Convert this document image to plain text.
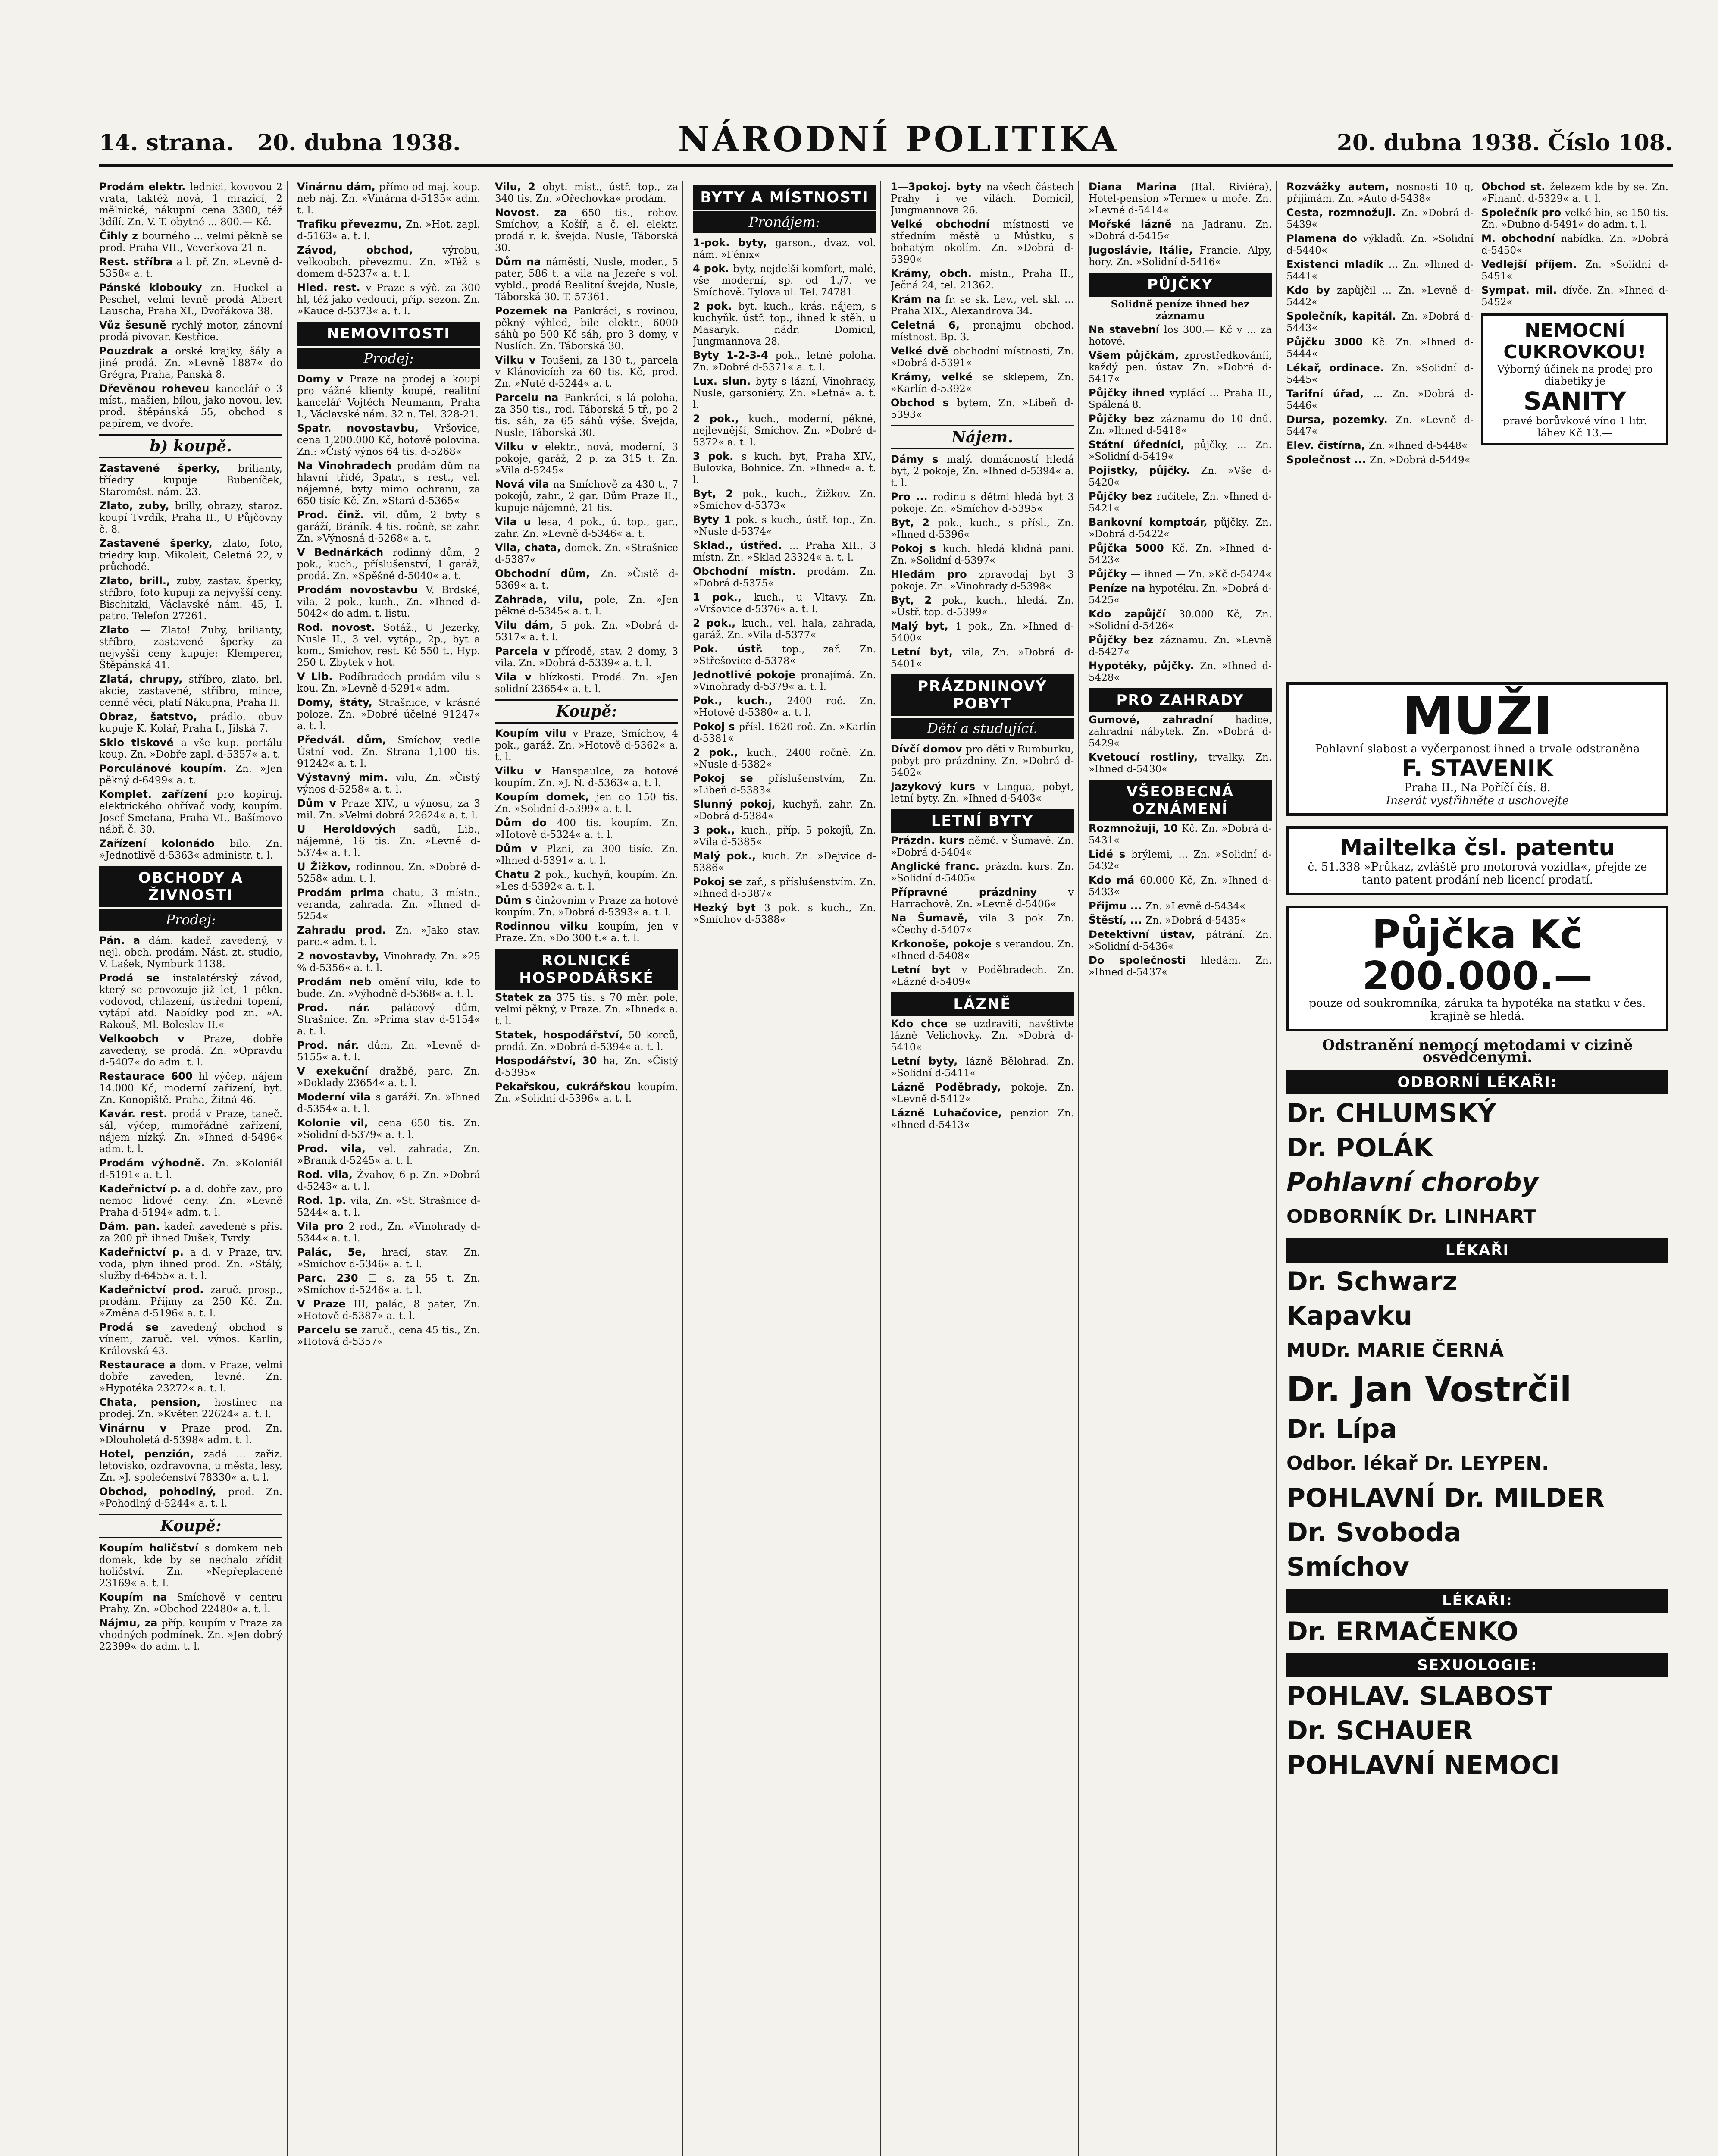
14. strana. 20. dubna 1938.	NÁRODNÍ POLITIKA	20. dubna 1938. Číslo 108.
Prodám elektr. lednici, kovovou 2 vrata, taktéž nová, 1 mrazicí, 2 mělnické, nákupní cena 3300, též 3dílí. Zn. V. T. obytné ... 800.— Kč.
Čihly z bourného ... velmi pěkně se prod. Praha VII., Veverkova 21 n.
Rest. stříbra a l. př. Zn. »Levně d-5358« a. t.
Pánské klobouky zn. Huckel a Peschel, velmi levně prodá Albert Lauscha, Praha XI., Dvořákova 38.
Vůz šesuně rychlý motor, zánovní prodá pivovar. Kestřice.
Pouzdrak a orské krajky, šály a jiné prodá. Zn. »Levně 1887« do Grégra, Praha, Panská 8.
Dřevěnou roheveu kancelář o 3 míst., mašien, bílou, jako novou, lev. prod. štěpánská 55, obchod s papírem, ve dvoře.
b) koupě.
Zastavené šperky, brilianty, tříedry kupuje Bubeníček, Staroměst. nám. 23.
Zlato, zuby, brilly, obrazy, staroz. koupí Tvrdík, Praha II., U Půjčovny č. 8.
Zastavené šperky, zlato, foto, triedry kup. Mikoleit, Celetná 22, v průchodě.
Zlato, brill., zuby, zastav. šperky, stříbro, foto kupuji za nejvyšší ceny. Bischitzki, Václavské nám. 45, I. patro. Telefon 27261.
Zlato — Zlato! Zuby, brilianty, stříbro, zastavené šperky za nejvyšší ceny kupuje: Klemperer, Štěpánská 41.
Zlatá, chrupy, stříbro, zlato, brl. akcie, zastavené, stříbro, mince, cenné věci, platí Nákupna, Praha II.
Obraz, šatstvo, prádlo, obuv kupuje K. Kolář, Praha I., Jilská 7.
Sklo tiskové a vše kup. portálu koup. Zn. »Dobře zapl. d-5357« a. t.
Porculánové koupím. Zn. »Jen pěkný d-6499« a. t.
Komplet. zařízení pro kopíruj. elektrického ohřívač vody, koupím. Josef Smetana, Praha VI., Bašímovo nábř. č. 30.
Zařízení kolonádo bilo. Zn. »Jednotlivě d-5363« administr. t. l.
OBCHODY A ŽIVNOSTI
Prodej:
Pán. a dám. kadeř. zavedený, v nejl. obch. prodám. Nást. zt. studio, V. Lašek, Nymburk 1138.
Prodá se instalatérský závod, který se provozuje již let, 1 pěkn. vodovod, chlazení, ústřední topení, vytápí atd. Nabídky pod zn. »A. Rakouš, Ml. Boleslav II.«
Velkoobch v Praze, dobře zavedený, se prodá. Zn. »Opravdu d-5407« do adm. t. l.
Restaurace 600 hl výčep, nájem 14.000 Kč, moderní zařízení, byt. Zn. Konopiště. Praha, Žitná 46.
Kavár. rest. prodá v Praze, taneč. sál, výčep, mimořádné zařízení, nájem nízký. Zn. »Ihned d-5496« adm. t. l.
Prodám výhodně. Zn. »Koloniál d-5191« a. t. l.
Kadeřnictví p. a d. dobře zav., pro nemoc lidové ceny. Zn. »Levně Praha d-5194« adm. t. l.
Dám. pan. kadeř. zavedené s přís. za 200 př. ihned Dušek, Tvrdy.
Kadeřnictví p. a d. v Praze, trv. voda, plyn ihned prod. Zn. »Stálý, služby d-6455« a. t. l.
Kadeřnictví prod. zaruč. prosp., prodám. Příjmy za 250 Kč. Zn. »Změna d-5196« a. t. l.
Prodá se zavedený obchod s vínem, zaruč. vel. výnos. Karlin, Královská 43.
Restaurace a dom. v Praze, velmi dobře zaveden, levně. Zn. »Hypotéka 23272« a. t. l.
Chata, pension, hostinec na prodej. Zn. »Květen 22624« a. t. l.
Vinárnu v Praze prod. Zn. »Dlouholetá d-5398« adm. t. l.
Hotel, penzión, zadá ... zařiz. letovisko, ozdravovna, u města, lesy, Zn. »J. společenství 78330« a. t. l.
Obchod, pohodlný, prod. Zn. »Pohodlný d-5244« a. t. l.
Koupě:
Koupím holičství s domkem neb domek, kde by se nechalo zřídit holičství. Zn. »Nepřeplacené 23169« a. t. l.
Koupím na Smíchově v centru Prahy. Zn. »Obchod 22480« a. t. l.
Nájmu, za příp. koupím v Praze za vhodných podmínek. Zn. »Jen dobrý 22399« do adm. t. l.
Vinárnu dám, přímo od maj. koup. neb náj. Zn. »Vinárna d-5135« adm. t. l.
Trafiku převezmu, Zn. »Hot. zapl. d-5163« a. t. l.
Závod, obchod, výrobu, velkoobch. převezmu. Zn. »Též s domem d-5237« a. t. l.
Hled. rest. v Praze s výč. za 300 hl, též jako vedoucí, příp. sezon. Zn. »Kauce d-5373« a. t. l.
NEMOVITOSTI
Prodej:
Domy v Praze na prodej a koupi pro vážné klienty koupě, realitní kancelář Vojtěch Neumann, Praha I., Václavské nám. 32 n. Tel. 328-21.
Spatr. novostavbu, Vršovice, cena 1,200.000 Kč, hotově polovina. Zn.: »Čistý výnos 64 tis. d-5268«
Na Vinohradech prodám dům na hlavní třídě, 3patr., s rest., vel. nájemné, byty mimo ochranu, za 650 tisíc Kč. Zn. »Stará d-5365«
Prod. činž. vil. dům, 2 byty s garáží, Bráník. 4 tis. ročně, se zahr. Zn. »Výnosná d-5268« a. t.
V Bednárkách rodinný dům, 2 pok., kuch., příslušenství, 1 garáž, prodá. Zn. »Spěšně d-5040« a. t.
Prodám novostavbu V. Brdské, vila, 2 pok., kuch., Zn. »Ihned d-5042« do adm. t. listu.
Rod. novost. Sotáž., U Jezerky, Nusle II., 3 vel. vytáp., 2p., byt a kom., Smíchov, rest. Kč 550 t., Hyp. 250 t. Zbytek v hot.
V Lib. Podíbradech prodám vilu s kou. Zn. »Levně d-5291« adm.
Domy, štáty, Strašnice, v krásné poloze. Zn. »Dobré účelné 91247« a. t. l.
Předvál. dům, Smíchov, vedle Ústní vod. Zn. Strana 1,100 tis. 91242« a. t. l.
Výstavný mim. vilu, Zn. »Čistý výnos d-5258« a. t. l.
Dům v Praze XIV., u výnosu, za 3 mil. Zn. »Velmi dobrá 22624« a. t. l.
U Heroldových sadů, Lib., nájemné, 16 tis. Zn. »Levně d-5374« a. t. l.
U Žižkov, rodinnou. Zn. »Dobré d-5258« adm. t. l.
Prodám prima chatu, 3 místn., veranda, zahrada. Zn. »Ihned d-5254«
Zahradu prod. Zn. »Jako stav. parc.« adm. t. l.
2 novostavby, Vinohrady. Zn. »25 % d-5356« a. t. l.
Prodám neb omění vilu, kde to bude. Zn. »Výhodně d-5368« a. t. l.
Prod. nár. palácový dům, Strašnice. Zn. »Prima stav d-5154« a. t. l.
Prod. nár. dům, Zn. »Levně d-5155« a. t. l.
V exekuční dražbě, parc. Zn. »Doklady 23654« a. t. l.
Moderní vila s garáží. Zn. »Ihned d-5354« a. t. l.
Kolonie vil, cena 650 tis. Zn. »Solidní d-5379« a. t. l.
Prod. vila, vel. zahrada, Zn. »Branik d-5245« a. t. l.
Rod. vila, Žvahov, 6 p. Zn. »Dobrá d-5243« a. t. l.
Rod. 1p. vila, Zn. »St. Strašnice d-5244« a. t. l.
Vila pro 2 rod., Zn. »Vinohrady d-5344« a. t. l.
Palác, 5e, hrací, stav. Zn. »Smíchov d-5346« a. t. l.
Parc. 230 ☐ s. za 55 t. Zn. »Smíchov d-5246« a. t. l.
V Praze III, palác, 8 pater, Zn. »Hotově d-5387« a. t. l.
Parcelu se zaruč., cena 45 tis., Zn. »Hotová d-5357«
Vilu, 2 obyt. míst., ústř. top., za 340 tis. Zn. »Ořechovka« prodám.
Novost. za 650 tis., rohov. Smíchov, a Košíř, a č. el. elektr. prodá r. k. švejda. Nusle, Táborská 30.
Dům na náměstí, Nusle, moder., 5 pater, 586 t. a vila na Jezeře s vol. vybld., prodá Realitní švejda, Nusle, Táborská 30. T. 57361.
Pozemek na Pankráci, s rovinou, pěkný výhled, bile elektr., 6000 sáhů po 500 Kč sáh, pro 3 domy, v Nuslích. Zn. Táborská 30.
Vilku v Toušeni, za 130 t., parcela v Klánovicích za 60 tis. Kč, prod. Zn. »Nuté d-5244« a. t.
Parcelu na Pankráci, s lá poloha, za 350 tis., rod. Táborská 5 tř., po 2 tis. sáh, za 65 sáhů výše. Švejda, Nusle, Táborská 30.
Vilku v elektr., nová, moderní, 3 pokoje, garáž, 2 p. za 315 t. Zn. »Vila d-5245«
Nová vila na Smíchově za 430 t., 7 pokojů, zahr., 2 gar. Dům Praze II., kupuje nájemné, 21 tis.
Vila u lesa, 4 pok., ú. top., gar., zahr. Zn. »Levně d-5346« a. t.
Vila, chata, domek. Zn. »Strašnice d-5387«
Obchodní dům, Zn. »Čistě d-5369« a. t.
Zahrada, vilu, pole, Zn. »Jen pěkné d-5345« a. t. l.
Vilu dám, 5 pok. Zn. »Dobrá d-5317« a. t. l.
Parcela v přírodě, stav. 2 domy, 3 vila. Zn. »Dobrá d-5339« a. t. l.
Vila v blízkosti. Prodá. Zn. »Jen solidní 23654« a. t. l.
Koupě:
Koupím vilu v Praze, Smíchov, 4 pok., garáž. Zn. »Hotově d-5362« a. t. l.
Vilku v Hanspaulce, za hotové koupím. Zn. »J. N. d-5363« a. t. l.
Koupím domek, jen do 150 tis. Zn. »Solidní d-5399« a. t. l.
Dům do 400 tis. koupím. Zn. »Hotově d-5324« a. t. l.
Dům v Plzni, za 300 tisíc. Zn. »Ihned d-5391« a. t. l.
Chatu 2 pok., kuchyň, koupím. Zn. »Les d-5392« a. t. l.
Dům s činžovním v Praze za hotové koupím. Zn. »Dobrá d-5393« a. t. l.
Rodinnou vilku koupím, jen v Praze. Zn. »Do 300 t.« a. t. l.
ROLNICKÉ HOSPODÁŘSKÉ
Statek za 375 tis. s 70 měr. pole, velmi pěkný, v Praze. Zn. »Ihned« a. t. l.
Statek, hospodářství, 50 korců, prodá. Zn. »Dobrá d-5394« a. t. l.
Hospodářství, 30 ha, Zn. »Čistý d-5395«
Pekařskou, cukrářskou koupím. Zn. »Solidní d-5396« a. t. l.
BYTY A MÍSTNOSTI
Pronájem:
1-pok. byty, garson., dvaz. vol. nám. »Fénix«
4 pok. byty, nejdelší komfort, malé, vše moderní, sp. od 1./7. ve Smíchově. Tylova ul. Tel. 74781.
2 pok. byt. kuch., krás. nájem, s kuchyňk. ústř. top., ihned k stěh. u Masaryk. nádr. Domicil, Jungmannova 28.
Byty 1-2-3-4 pok., letné poloha. Zn. »Dobré d-5371« a. t. l.
Lux. slun. byty s lázní, Vinohrady, Nusle, garsoniéry. Zn. »Letná« a. t. l.
2 pok., kuch., moderní, pěkné, nejlevnější, Smíchov. Zn. »Dobré d-5372« a. t. l.
3 pok. s kuch. byt, Praha XIV., Bulovka, Bohnice. Zn. »Ihned« a. t. l.
Byt, 2 pok., kuch., Žižkov. Zn. »Smíchov d-5373«
Byty 1 pok. s kuch., ústř. top., Zn. »Nusle d-5374«
Sklad., ústřed. ... Praha XII., 3 místn. Zn. »Sklad 23324« a. t. l.
Obchodní místn. prodám. Zn. »Dobrá d-5375«
1 pok., kuch., u Vltavy. Zn. »Vršovice d-5376« a. t. l.
2 pok., kuch., vel. hala, zahrada, garáž. Zn. »Vila d-5377«
Pok. ústř. top., zař. Zn. »Střešovice d-5378«
Jednotlivé pokoje pronajímá. Zn. »Vinohrady d-5379« a. t. l.
Pok., kuch., 2400 roč. Zn. »Hotově d-5380« a. t. l.
Pokoj s přísl. 1620 roč. Zn. »Karlín d-5381«
2 pok., kuch., 2400 ročně. Zn. »Nusle d-5382«
Pokoj se příslušenstvím, Zn. »Libeň d-5383«
Slunný pokoj, kuchyň, zahr. Zn. »Dobrá d-5384«
3 pok., kuch., příp. 5 pokojů, Zn. »Vila d-5385«
Malý pok., kuch. Zn. »Dejvice d-5386«
Pokoj se zař., s příslušenstvím. Zn. »Ihned d-5387«
Hezký byt 3 pok. s kuch., Zn. »Smíchov d-5388«
1—3pokoj. byty na všech částech Prahy i ve vilách. Domicil, Jungmannova 26.
Velké obchodní místnosti ve středním městě u Můstku, s bohatým okolím. Zn. »Dobrá d-5390«
Krámy, obch. místn., Praha II., Ječná 24, tel. 21362.
Krám na fr. se sk. Lev., vel. skl. ... Praha XIX., Alexandrova 34.
Celetná 6, pronajmu obchod. místnost. Bp. 3.
Velké dvě obchodní místnosti, Zn. »Dobrá d-5391«
Krámy, velké se sklepem, Zn. »Karlín d-5392«
Obchod s bytem, Zn. »Libeň d-5393«
Nájem.
Dámy s malý. domácností hledá byt, 2 pokoje, Zn. »Ihned d-5394« a. t. l.
Pro ... rodinu s dětmi hledá byt 3 pokoje. Zn. »Smíchov d-5395«
Byt, 2 pok., kuch., s přísl., Zn. »Ihned d-5396«
Pokoj s kuch. hledá klidná paní. Zn. »Solidní d-5397«
Hledám pro zpravodaj byt 3 pokoje. Zn. »Vinohrady d-5398«
Byt, 2 pok., kuch., hledá. Zn. »Ústř. top. d-5399«
Malý byt, 1 pok., Zn. »Ihned d-5400«
Letní byt, vila, Zn. »Dobrá d-5401«
PRÁZDNINOVÝ POBYT
Dětí a studující.
Dívčí domov pro děti v Rumburku, pobyt pro prázdniny. Zn. »Dobrá d-5402«
Jazykový kurs v Lingua, pobyt, letní byty. Zn. »Ihned d-5403«
LETNÍ BYTY
Prázdn. kurs němč. v Šumavě. Zn. »Dobrá d-5404«
Anglické franc. prázdn. kurs. Zn. »Solidní d-5405«
Přípravné prázdniny v Harrachově. Zn. »Levně d-5406«
Na Šumavě, vila 3 pok. Zn. »Čechy d-5407«
Krkonoše, pokoje s verandou. Zn. »Ihned d-5408«
Letní byt v Poděbradech. Zn. »Lázně d-5409«
LÁZNĚ
Kdo chce se uzdraviti, navštivte lázně Velichovky. Zn. »Dobrá d-5410«
Letní byty, lázně Bělohrad. Zn. »Solidní d-5411«
Lázně Poděbrady, pokoje. Zn. »Levně d-5412«
Lázně Luhačovice, penzion Zn. »Ihned d-5413«
Diana Marina (Ital. Riviéra), Hotel-pension »Terme« u moře. Zn. »Levné d-5414«
Mořské lázně na Jadranu. Zn. »Dobrá d-5415«
Jugoslávie, Itálie, Francie, Alpy, hory. Zn. »Solidní d-5416«
PŮJČKY
Solidně peníze ihned bez záznamu
Na stavební los 300.— Kč v ... za hotové.
Všem půjčkám, zprostředkováníí, každý pen. ústav. Zn. »Dobrá d-5417«
Půjčky ihned vyplácí ... Praha II., Spálená 8.
Půjčky bez záznamu do 10 dnů. Zn. »Ihned d-5418«
Státní úředníci, půjčky, ... Zn. »Solidní d-5419«
Pojistky, půjčky. Zn. »Vše d-5420«
Půjčky bez ručitele, Zn. »Ihned d-5421«
Bankovní komptoár, půjčky. Zn. »Dobrá d-5422«
Půjčka 5000 Kč. Zn. »Ihned d-5423«
Půjčky — ihned — Zn. »Kč d-5424«
Peníze na hypotéku. Zn. »Dobrá d-5425«
Kdo zapůjčí 30.000 Kč, Zn. »Solidní d-5426«
Půjčky bez záznamu. Zn. »Levně d-5427«
Hypotéky, půjčky. Zn. »Ihned d-5428«
PRO ZAHRADY
Gumové, zahradní hadice, zahradní nábytek. Zn. »Dobrá d-5429«
Kvetoucí rostliny, trvalky. Zn. »Ihned d-5430«
VŠEOBECNÁ OZNÁMENÍ
Rozmnožuji, 10 Kč. Zn. »Dobrá d-5431«
Lidé s brýlemi, ... Zn. »Solidní d-5432«
Kdo má 60.000 Kč, Zn. »Ihned d-5433«
Přijmu ... Zn. »Levně d-5434«
Štěstí, ... Zn. »Dobrá d-5435«
Detektivní ústav, pátrání. Zn. »Solidní d-5436«
Do společnosti hledám. Zn. »Ihned d-5437«
Rozvážky autem, nosnosti 10 q, přijímám. Zn. »Auto d-5438«
Cesta, rozmnožuji. Zn. »Dobrá d-5439«
Plamena do výkladů. Zn. »Solidní d-5440«
Existenci mladík ... Zn. »Ihned d-5441«
Kdo by zapůjčil ... Zn. »Levně d-5442«
Společník, kapitál. Zn. »Dobrá d-5443«
Půjčku 3000 Kč. Zn. »Ihned d-5444«
Lékař, ordinace. Zn. »Solidní d-5445«
Tarifní úřad, ... Zn. »Dobrá d-5446«
Dursa, pozemky. Zn. »Levně d-5447«
Elev. čistírna, Zn. »Ihned d-5448«
Společnost ... Zn. »Dobrá d-5449«
Obchod st. železem kde by se. Zn. »Finanč. d-5329« a. t. l.
Společník pro velké bio, se 150 tis. Zn. »Dubno d-5491« do adm. t. l.
M. obchodní nabídka. Zn. »Dobrá d-5450«
Vedlejší příjem. Zn. »Solidní d-5451«
Sympat. mil. dívče. Zn. »Ihned d-5452«
NEMOCNÍ CUKROVKOU!
Výborný účinek na prodej pro diabetiky je
SANITY
pravé borůvkové víno 1 litr. láhev Kč 13.—
MUŽI
Pohlavní slabost a vyčerpanost ihned a trvale odstraněna
F. STAVENIK
Praha II., Na Poříčí čís. 8.
Inserát vystřihněte a uschovejte
Mailtelka čsl. patentu
č. 51.338 »Průkaz, zvláště pro motorová vozidla«, přejde ze tanto patent prodání neb licencí prodatí.
Půjčka Kč 200.000.—
pouze od soukromníka, záruka ta hypotéka na statku v čes. krajině se hledá.
Odstranění nemocí metodami v cizině osvědčenými.
ODBORNÍ LÉKAŘI:
Dr. CHLUMSKÝ
Dr. POLÁK
Pohlavní choroby
ODBORNÍK Dr. LINHART
LÉKAŘI
Dr. Schwarz
Kapavku
MUDr. MARIE ČERNÁ
Dr. Jan Vostrčil
Dr. Lípa
Odbor. lékař Dr. LEYPEN.
POHLAVNÍ Dr. MILDER
Dr. Svoboda
Smíchov
LÉKAŘI:
Dr. ERMAČENKO
SEXUOLOGIE:
POHLAV. SLABOST
Dr. SCHAUER
POHLAVNÍ NEMOCI
